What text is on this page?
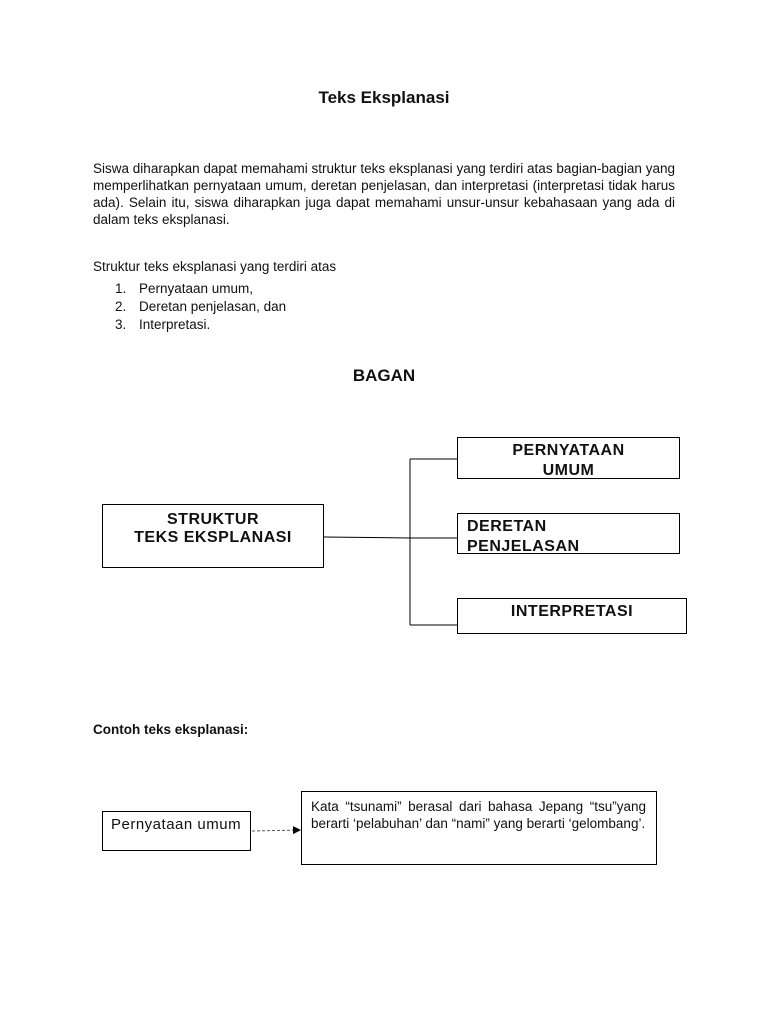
Teks Eksplanasi

Siswa diharapkan dapat memahami struktur teks eksplanasi yang terdiri atas bagian-bagian yang memperlihatkan pernyataan umum, deretan penjelasan, dan interpretasi (interpretasi tidak harus ada). Selain itu, siswa diharapkan juga dapat memahami unsur-unsur kebahasaan yang ada di dalam teks eksplanasi.

Struktur teks eksplanasi yang terdiri atas

1. Pernyataan umum,
2. Deretan penjelasan, dan
3. Interpretasi.
BAGAN
STRUKTUR
TEKS EKSPLANASI
PERNYATAAN UMUM
DERETAN PENJELASAN
INTERPRETASI

Contoh teks eksplanasi:

Pernyataan umum
Kata “tsunami” berasal dari bahasa Jepang “tsu”yang berarti ‘pelabuhan’ dan “nami” yang berarti ‘gelombang’.
